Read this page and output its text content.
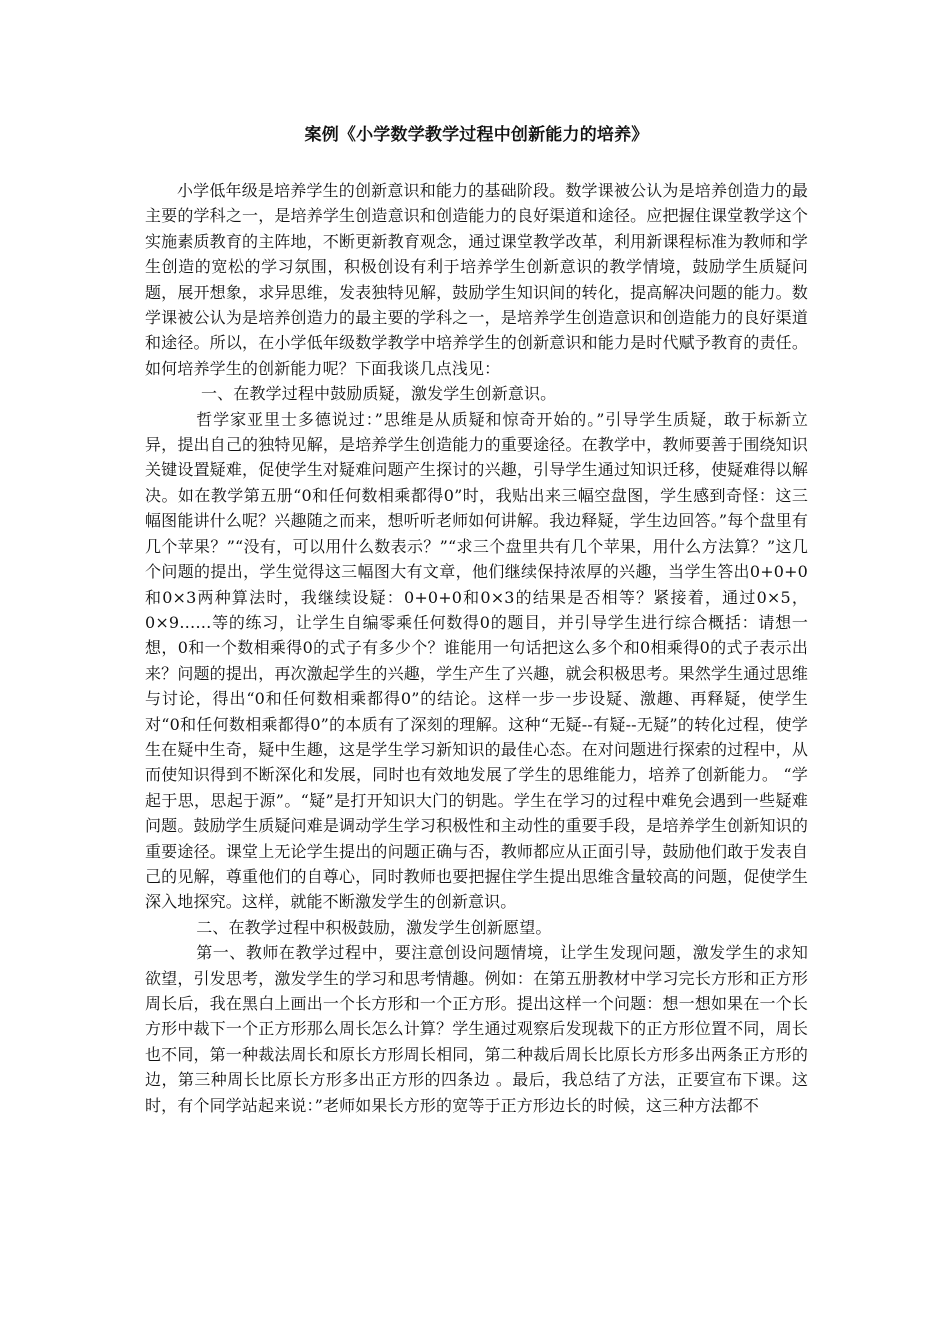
案例《小学数学教学过程中创新能力的培养》

小学低年级是培养学生的创新意识和能力的基础阶段。数学课被公认为是培养创造力的最主要的学科之一，是培养学生创造意识和创造能力的良好渠道和途径。应把握住课堂教学这个实施素质教育的主阵地，不断更新教育观念，通过课堂教学改革，利用新课程标准为教师和学生创造的宽松的学习氛围，积极创设有利于培养学生创新意识的教学情境，鼓励学生质疑问题，展开想象，求异思维，发表独特见解，鼓励学生知识间的转化，提高解决问题的能力。数学课被公认为是培养创造力的最主要的学科之一，是培养学生创造意识和创造能力的良好渠道和途径。所以，在小学低年级数学教学中培养学生的创新意识和能力是时代赋予教育的责任。如何培养学生的创新能力呢？下面我谈几点浅见：

一、在教学过程中鼓励质疑，激发学生创新意识。

哲学家亚里士多德说过：”思维是从质疑和惊奇开始的。”引导学生质疑，敢于标新立异，提出自己的独特见解，是培养学生创造能力的重要途径。在教学中，教师要善于围绕知识关键设置疑难，促使学生对疑难问题产生探讨的兴趣，引导学生通过知识迁移，使疑难得以解决。如在教学第五册“0和任何数相乘都得0”时，我贴出来三幅空盘图，学生感到奇怪：这三幅图能讲什么呢？兴趣随之而来，想听听老师如何讲解。我边释疑，学生边回答。”每个盘里有几个苹果？”“没有，可以用什么数表示？”“求三个盘里共有几个苹果，用什么方法算？”这几个问题的提出，学生觉得这三幅图大有文章，他们继续保持浓厚的兴趣，当学生答出0+0+0和0×3两种算法时，我继续设疑：0+0+0和0×3的结果是否相等？紧接着，通过0×5，0×9……等的练习，让学生自编零乘任何数得0的题目，并引导学生进行综合概括：请想一想，0和一个数相乘得0的式子有多少个？谁能用一句话把这么多个和0相乘得0的式子表示出来？问题的提出，再次激起学生的兴趣，学生产生了兴趣，就会积极思考。果然学生通过思维与讨论，得出“0和任何数相乘都得0”的结论。这样一步一步设疑、激趣、再释疑，使学生对“0和任何数相乘都得0”的本质有了深刻的理解。这种“无疑--有疑--无疑”的转化过程，使学生在疑中生奇，疑中生趣，这是学生学习新知识的最佳心态。在对问题进行探索的过程中，从而使知识得到不断深化和发展，同时也有效地发展了学生的思维能力，培养了创新能力。 “学起于思，思起于源”。“疑”是打开知识大门的钥匙。学生在学习的过程中难免会遇到一些疑难问题。鼓励学生质疑问难是调动学生学习积极性和主动性的重要手段，是培养学生创新知识的重要途径。课堂上无论学生提出的问题正确与否，教师都应从正面引导，鼓励他们敢于发表自己的见解，尊重他们的自尊心，同时教师也要把握住学生提出思维含量较高的问题，促使学生深入地探究。这样，就能不断激发学生的创新意识。

二、在教学过程中积极鼓励，激发学生创新愿望。

第一、教师在教学过程中，要注意创设问题情境，让学生发现问题，激发学生的求知欲望，引发思考，激发学生的学习和思考情趣。例如：在第五册教材中学习完长方形和正方形周长后，我在黑白上画出一个长方形和一个正方形。提出这样一个问题：想一想如果在一个长方形中裁下一个正方形那么周长怎么计算？学生通过观察后发现裁下的正方形位置不同，周长也不同，第一种裁法周长和原长方形周长相同，第二种裁后周长比原长方形多出两条正方形的边，第三种周长比原长方形多出正方形的四条边 。最后，我总结了方法，正要宣布下课。这时，有个同学站起来说：”老师如果长方形的宽等于正方形边长的时候，这三种方法都不
